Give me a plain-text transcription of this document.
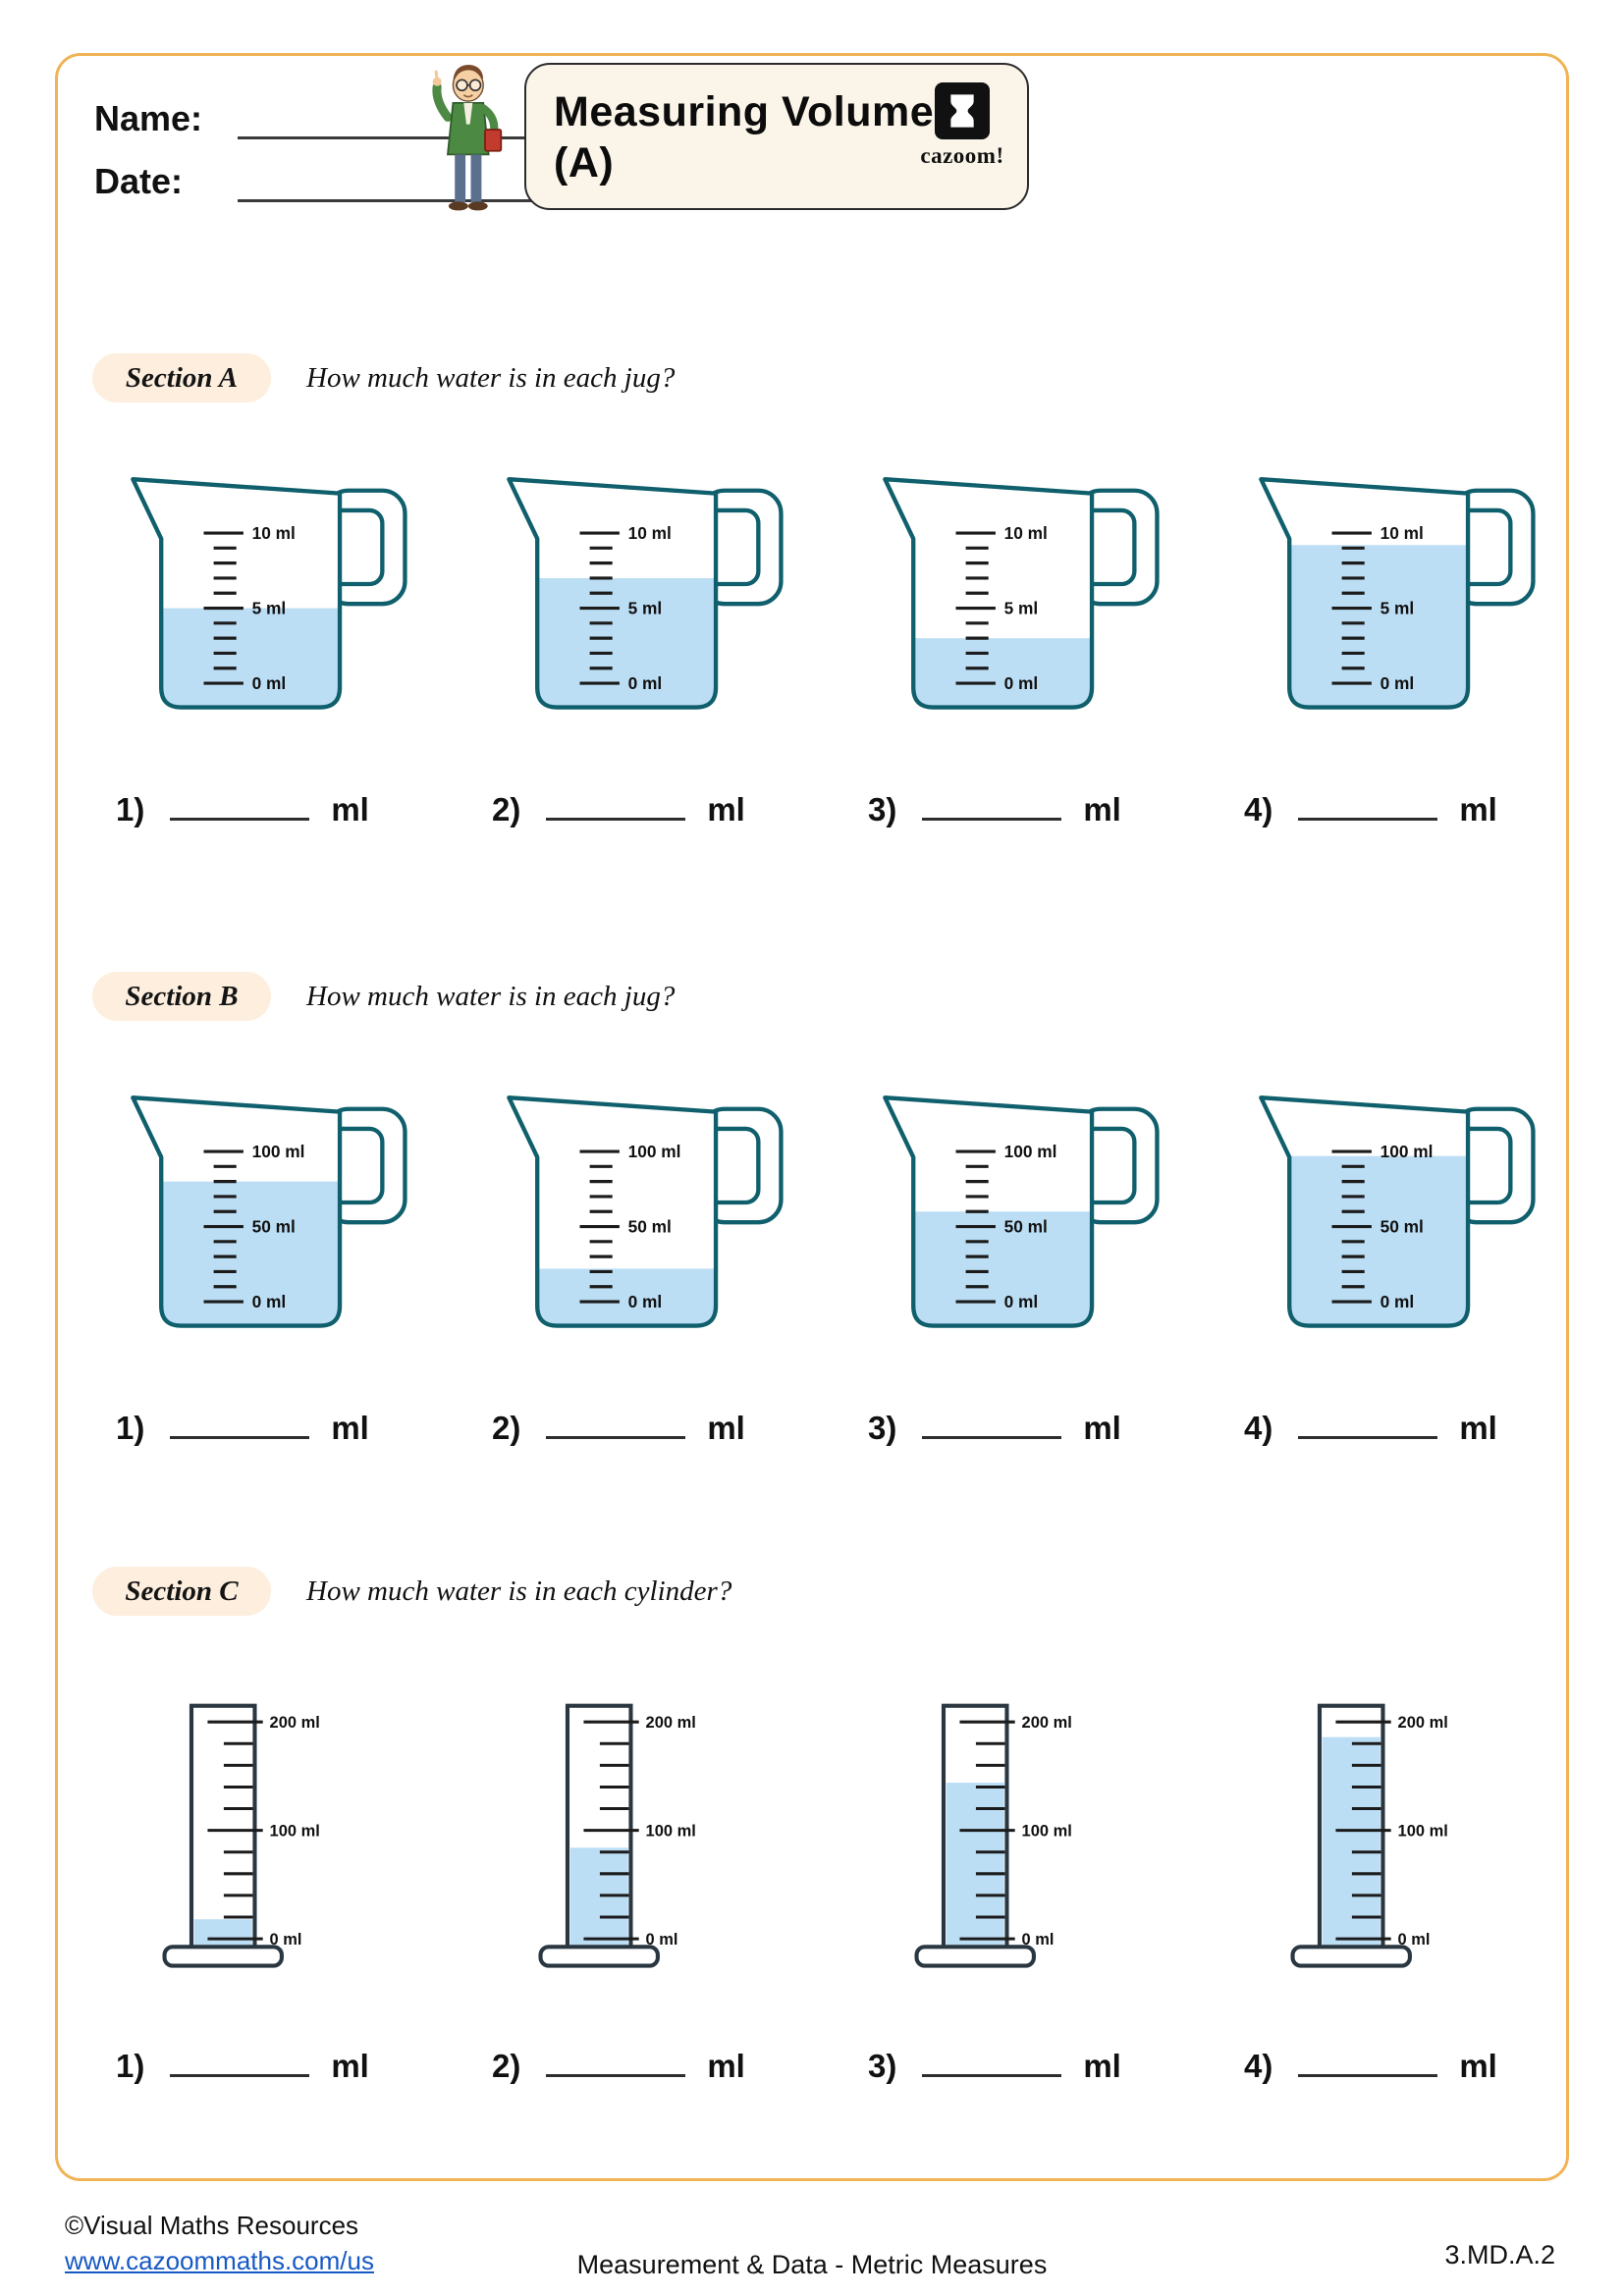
Name:
Date:
Measuring Volume
(A)	cazoom!
Section A	How much water is in each jug?
0 ml
5 ml
10 ml
0 ml
5 ml
10 ml
0 ml
5 ml
10 ml
0 ml
5 ml
10 ml
1)	ml	2)	ml	3)	ml	4)	ml
Section B	How much water is in each jug?
0 ml
50 ml
100 ml
0 ml
50 ml
100 ml
0 ml
50 ml
100 ml
0 ml
50 ml
100 ml
1)	ml	2)	ml	3)	ml	4)	ml
Section C	How much water is in each cylinder?
0 ml
100 ml
200 ml
0 ml
100 ml
200 ml
0 ml
100 ml
200 ml
0 ml
100 ml
200 ml
1)	ml	2)	ml	3)	ml	4)	ml
©Visual Maths Resources
www.cazoommaths.com/us	Measurement & Data - Metric Measures	3.MD.A.2
